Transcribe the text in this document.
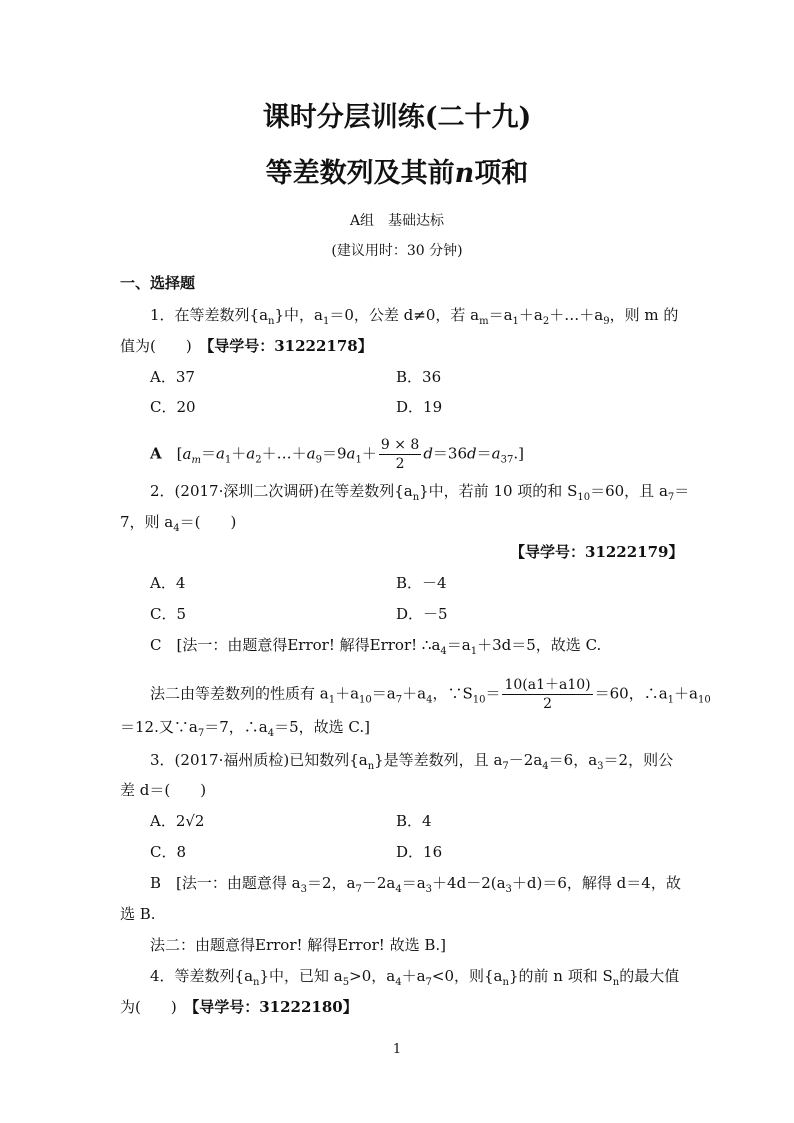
课时分层训练(二十九)
等差数列及其前n项和
A组　基础达标
(建议用时：30 分钟)
一、选择题
1．在等差数列$\{a_n\}$中，$a_1=0$，公差 d≠0，若 $a_m=a_1+a_2+\dots+a_9$，则 m 的
值为(　　)　 【导学号：31222178】
A．37	B．36
C．20	D．19
A　$[a_m=a_1+a_2+\dots+a_9=9a_1+ \frac{9 \times 8}{2} d=36d=a_{37}.]$
2．(2017·深圳二次调研)在等差数列$\{a_n\}$中，若前 10 项的和 $S_{10}=60$，且 $a_7=$
7，则 $a_4=$(　　)
【导学号：31222179】
A．4	B．－4
C．5	D．－5
C　[法一：由题意得Error! 解得Error! $\therefore a_4=a_1+3d=5$，故选 C.
法二由等差数列的性质有 $a_1+a_{10}=a_7+a_4$，$\because S_{10}= \frac{10(a1+a10)}{2} =60$，$\therefore a_1+a_{10}$
＝12.又$\because a_7=7$，$\therefore a_4=5$，故选 C.]
3．(2017·福州质检)已知数列$\{a_n\}$是等差数列，且 $a_7-2a_4=6$，$a_3=2$，则公
差 d＝(　　)
A．2√2	B．4
C．8	D．16
B　[法一：由题意得 $a_3=2$，$a_7-2a_4=a_3+4d-2(a_3+d)=6$，解得 d＝4，故
选 B.
法二：由题意得Error! 解得Error! 故选 B.]
4．等差数列$\{a_n\}$中，已知 $a_5>0$，$a_4+a_7<0$，则$\{a_n\}$的前 n 项和 $S_n$的最大值
为(　　)　 【导学号：31222180】
1
